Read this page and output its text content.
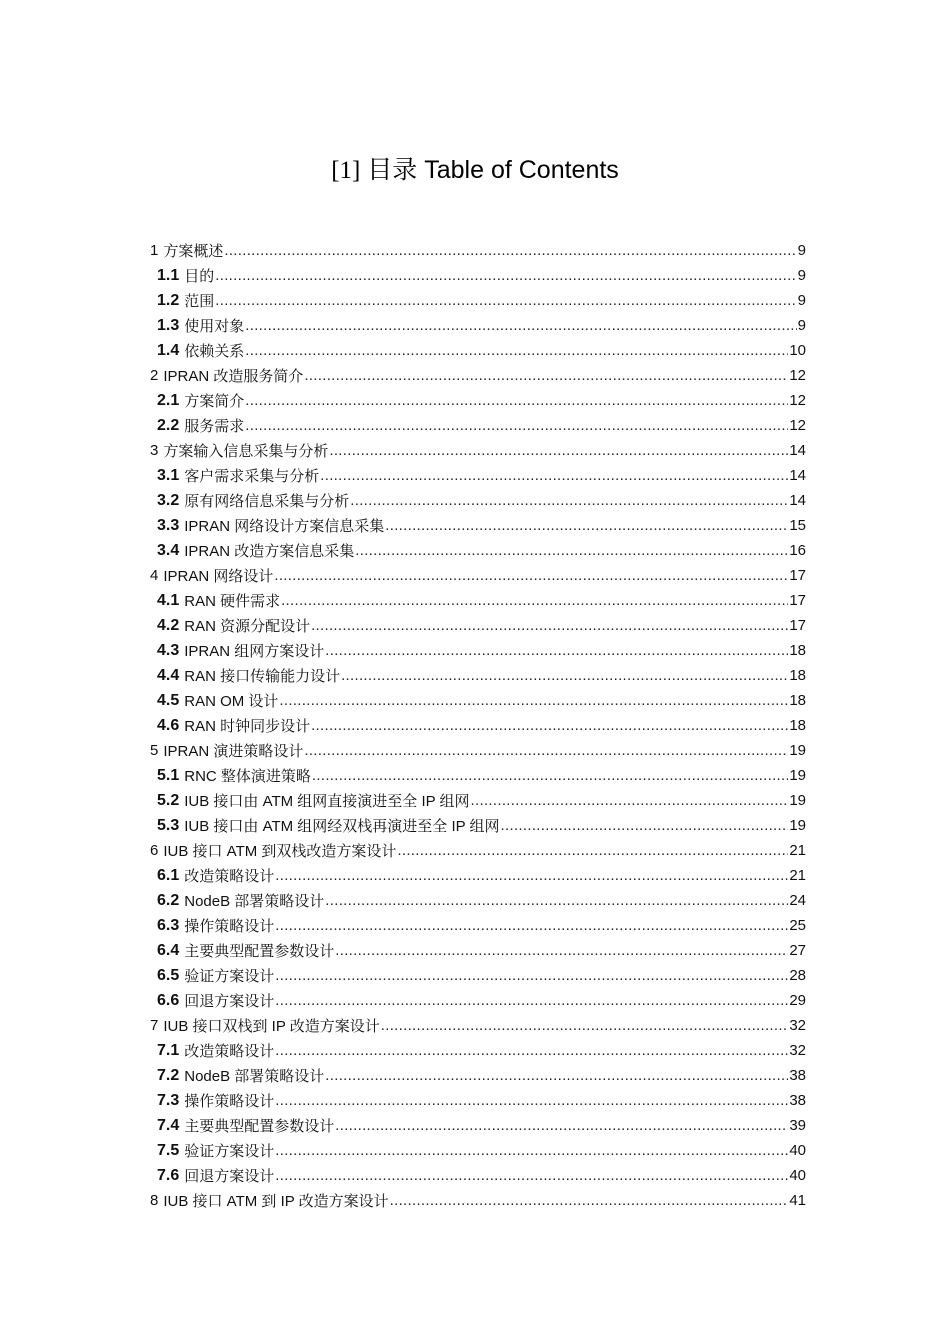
[1] 目录 Table of Contents
1 方案概述 .....	9
1.1 目的 .....	9
1.2 范围 .....	9
1.3 使用对象 .....	9
1.4 依赖关系 .....	10
2 IPRAN 改造服务简介 .....	12
2.1 方案简介 .....	12
2.2 服务需求 .....	12
3 方案输入信息采集与分析 .....	14
3.1 客户需求采集与分析 .....	14
3.2 原有网络信息采集与分析 .....	14
3.3 IPRAN 网络设计方案信息采集 .....	15
3.4 IPRAN 改造方案信息采集 .....	16
4 IPRAN 网络设计 .....	17
4.1 RAN 硬件需求 .....	17
4.2 RAN 资源分配设计 .....	17
4.3 IPRAN 组网方案设计 .....	18
4.4 RAN 接口传输能力设计 .....	18
4.5 RAN OM 设计 .....	18
4.6 RAN 时钟同步设计 .....	18
5 IPRAN 演进策略设计 .....	19
5.1 RNC 整体演进策略 .....	19
5.2 IUB 接口由 ATM 组网直接演进至全 IP 组网 .....	19
5.3 IUB 接口由 ATM 组网经双栈再演进至全 IP 组网 .....	19
6 IUB 接口 ATM 到双栈改造方案设计 .....	21
6.1 改造策略设计 .....	21
6.2 NodeB 部署策略设计 .....	24
6.3 操作策略设计 .....	25
6.4 主要典型配置参数设计 .....	27
6.5 验证方案设计 .....	28
6.6 回退方案设计 .....	29
7 IUB 接口双栈到 IP 改造方案设计 .....	32
7.1 改造策略设计 .....	32
7.2 NodeB 部署策略设计 .....	38
7.3 操作策略设计 .....	38
7.4 主要典型配置参数设计 .....	39
7.5 验证方案设计 .....	40
7.6 回退方案设计 .....	40
8 IUB 接口 ATM 到 IP 改造方案设计 .....	41
